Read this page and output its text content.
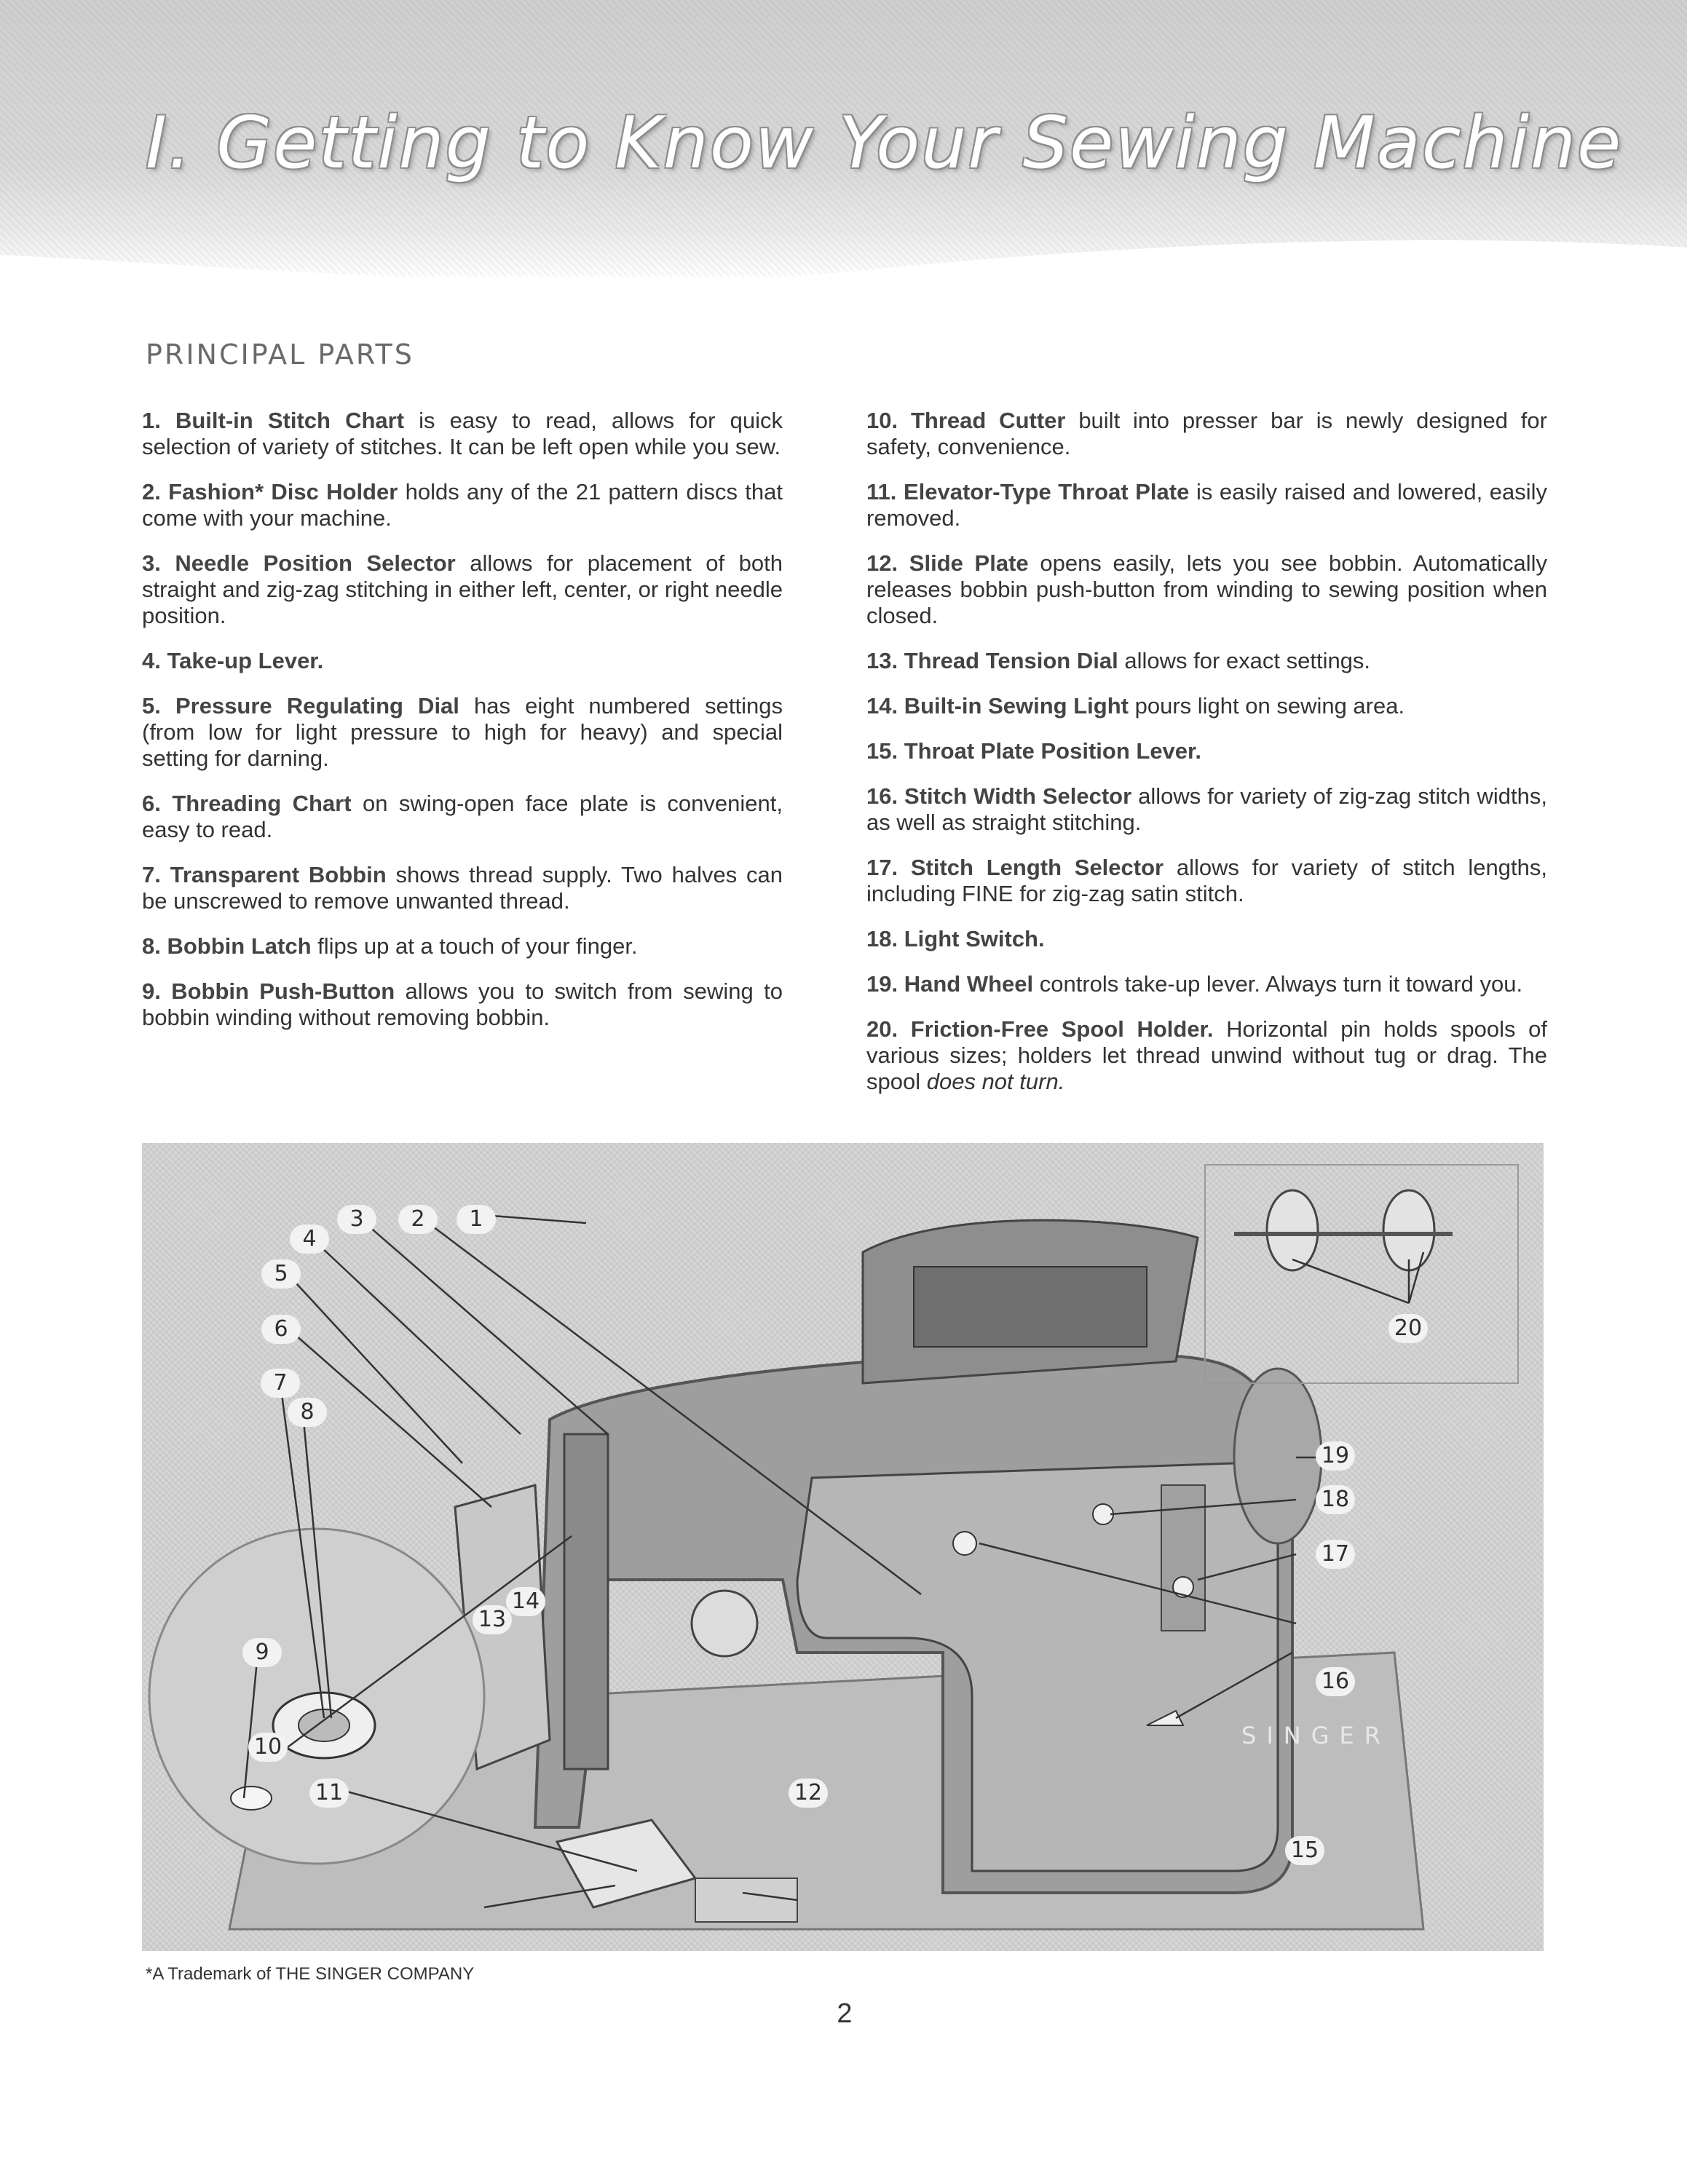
I. Getting to Know Your Sewing Machine
PRINCIPAL PARTS

1. Built-in Stitch Chart is easy to read, allows for quick selection of variety of stitches. It can be left open while you sew.

2. Fashion* Disc Holder holds any of the 21 pattern discs that come with your machine.

3. Needle Position Selector allows for placement of both straight and zig-zag stitching in either left, center, or right needle position.

4. Take-up Lever.

5. Pressure Regulating Dial has eight numbered settings (from low for light pressure to high for heavy) and special setting for darning.

6. Threading Chart on swing-open face plate is convenient, easy to read.

7. Transparent Bobbin shows thread supply. Two halves can be unscrewed to remove unwanted thread.

8. Bobbin Latch flips up at a touch of your finger.

9. Bobbin Push-Button allows you to switch from sewing to bobbin winding without removing bobbin.

10. Thread Cutter built into presser bar is newly designed for safety, convenience.

11. Elevator-Type Throat Plate is easily raised and lowered, easily removed.

12. Slide Plate opens easily, lets you see bobbin. Automatically releases bobbin push-button from winding to sewing position when closed.

13. Thread Tension Dial allows for exact settings.

14. Built-in Sewing Light pours light on sewing area.

15. Throat Plate Position Lever.

16. Stitch Width Selector allows for variety of zig-zag stitch widths, as well as straight stitching.

17. Stitch Length Selector allows for variety of stitch lengths, including FINE for zig-zag satin stitch.

18. Light Switch.

19. Hand Wheel controls take-up lever. Always turn it toward you.

20. Friction-Free Spool Holder. Horizontal pin holds spools of various sizes; holders let thread unwind without tug or drag. The spool does not turn.

SINGER
1
2
3
4
5
6
7
8
9
10
11	12
13
14
15
16
17
18
19
20
*A Trademark of THE SINGER COMPANY
2
